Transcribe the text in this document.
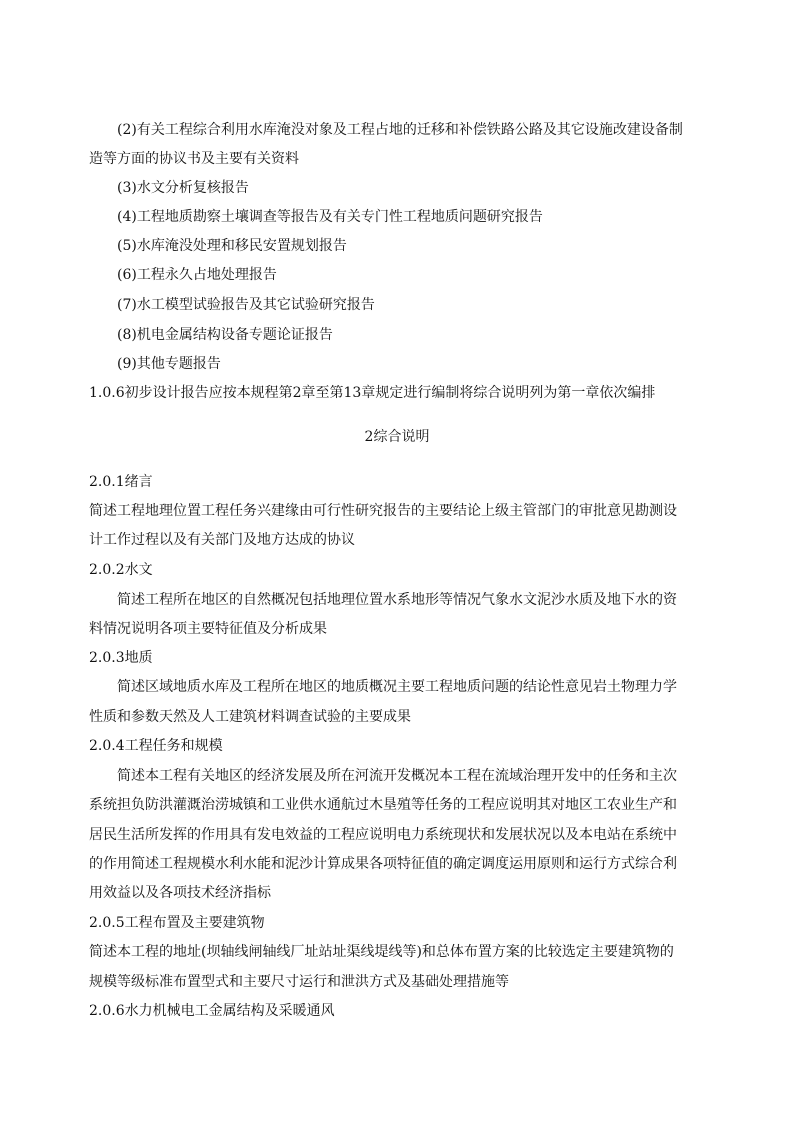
(2)有关工程综合利用水库淹没对象及工程占地的迁移和补偿铁路公路及其它设施改建设备制
造等方面的协议书及主要有关资料
(3)水文分析复核报告
(4)工程地质勘察土壤调查等报告及有关专门性工程地质问题研究报告
(5)水库淹没处理和移民安置规划报告
(6)工程永久占地处理报告
(7)水工模型试验报告及其它试验研究报告
(8)机电金属结构设备专题论证报告
(9)其他专题报告
1.0.6初步设计报告应按本规程第2章至第13章规定进行编制将综合说明列为第一章依次编排
2综合说明
2.0.1绪言
简述工程地理位置工程任务兴建缘由可行性研究报告的主要结论上级主管部门的审批意见勘测设
计工作过程以及有关部门及地方达成的协议
2.0.2水文
简述工程所在地区的自然概况包括地理位置水系地形等情况气象水文泥沙水质及地下水的资
料情况说明各项主要特征值及分析成果
2.0.3地质
简述区域地质水库及工程所在地区的地质概况主要工程地质问题的结论性意见岩土物理力学
性质和参数天然及人工建筑材料调查试验的主要成果
2.0.4工程任务和规模
简述本工程有关地区的经济发展及所在河流开发概况本工程在流域治理开发中的任务和主次
系统担负防洪灌溉治涝城镇和工业供水通航过木垦殖等任务的工程应说明其对地区工农业生产和
居民生活所发挥的作用具有发电效益的工程应说明电力系统现状和发展状况以及本电站在系统中
的作用简述工程规模水利水能和泥沙计算成果各项特征值的确定调度运用原则和运行方式综合利
用效益以及各项技术经济指标
2.0.5工程布置及主要建筑物
简述本工程的地址(坝轴线闸轴线厂址站址渠线堤线等)和总体布置方案的比较选定主要建筑物的
规模等级标准布置型式和主要尺寸运行和泄洪方式及基础处理措施等
2.0.6水力机械电工金属结构及采暖通风
